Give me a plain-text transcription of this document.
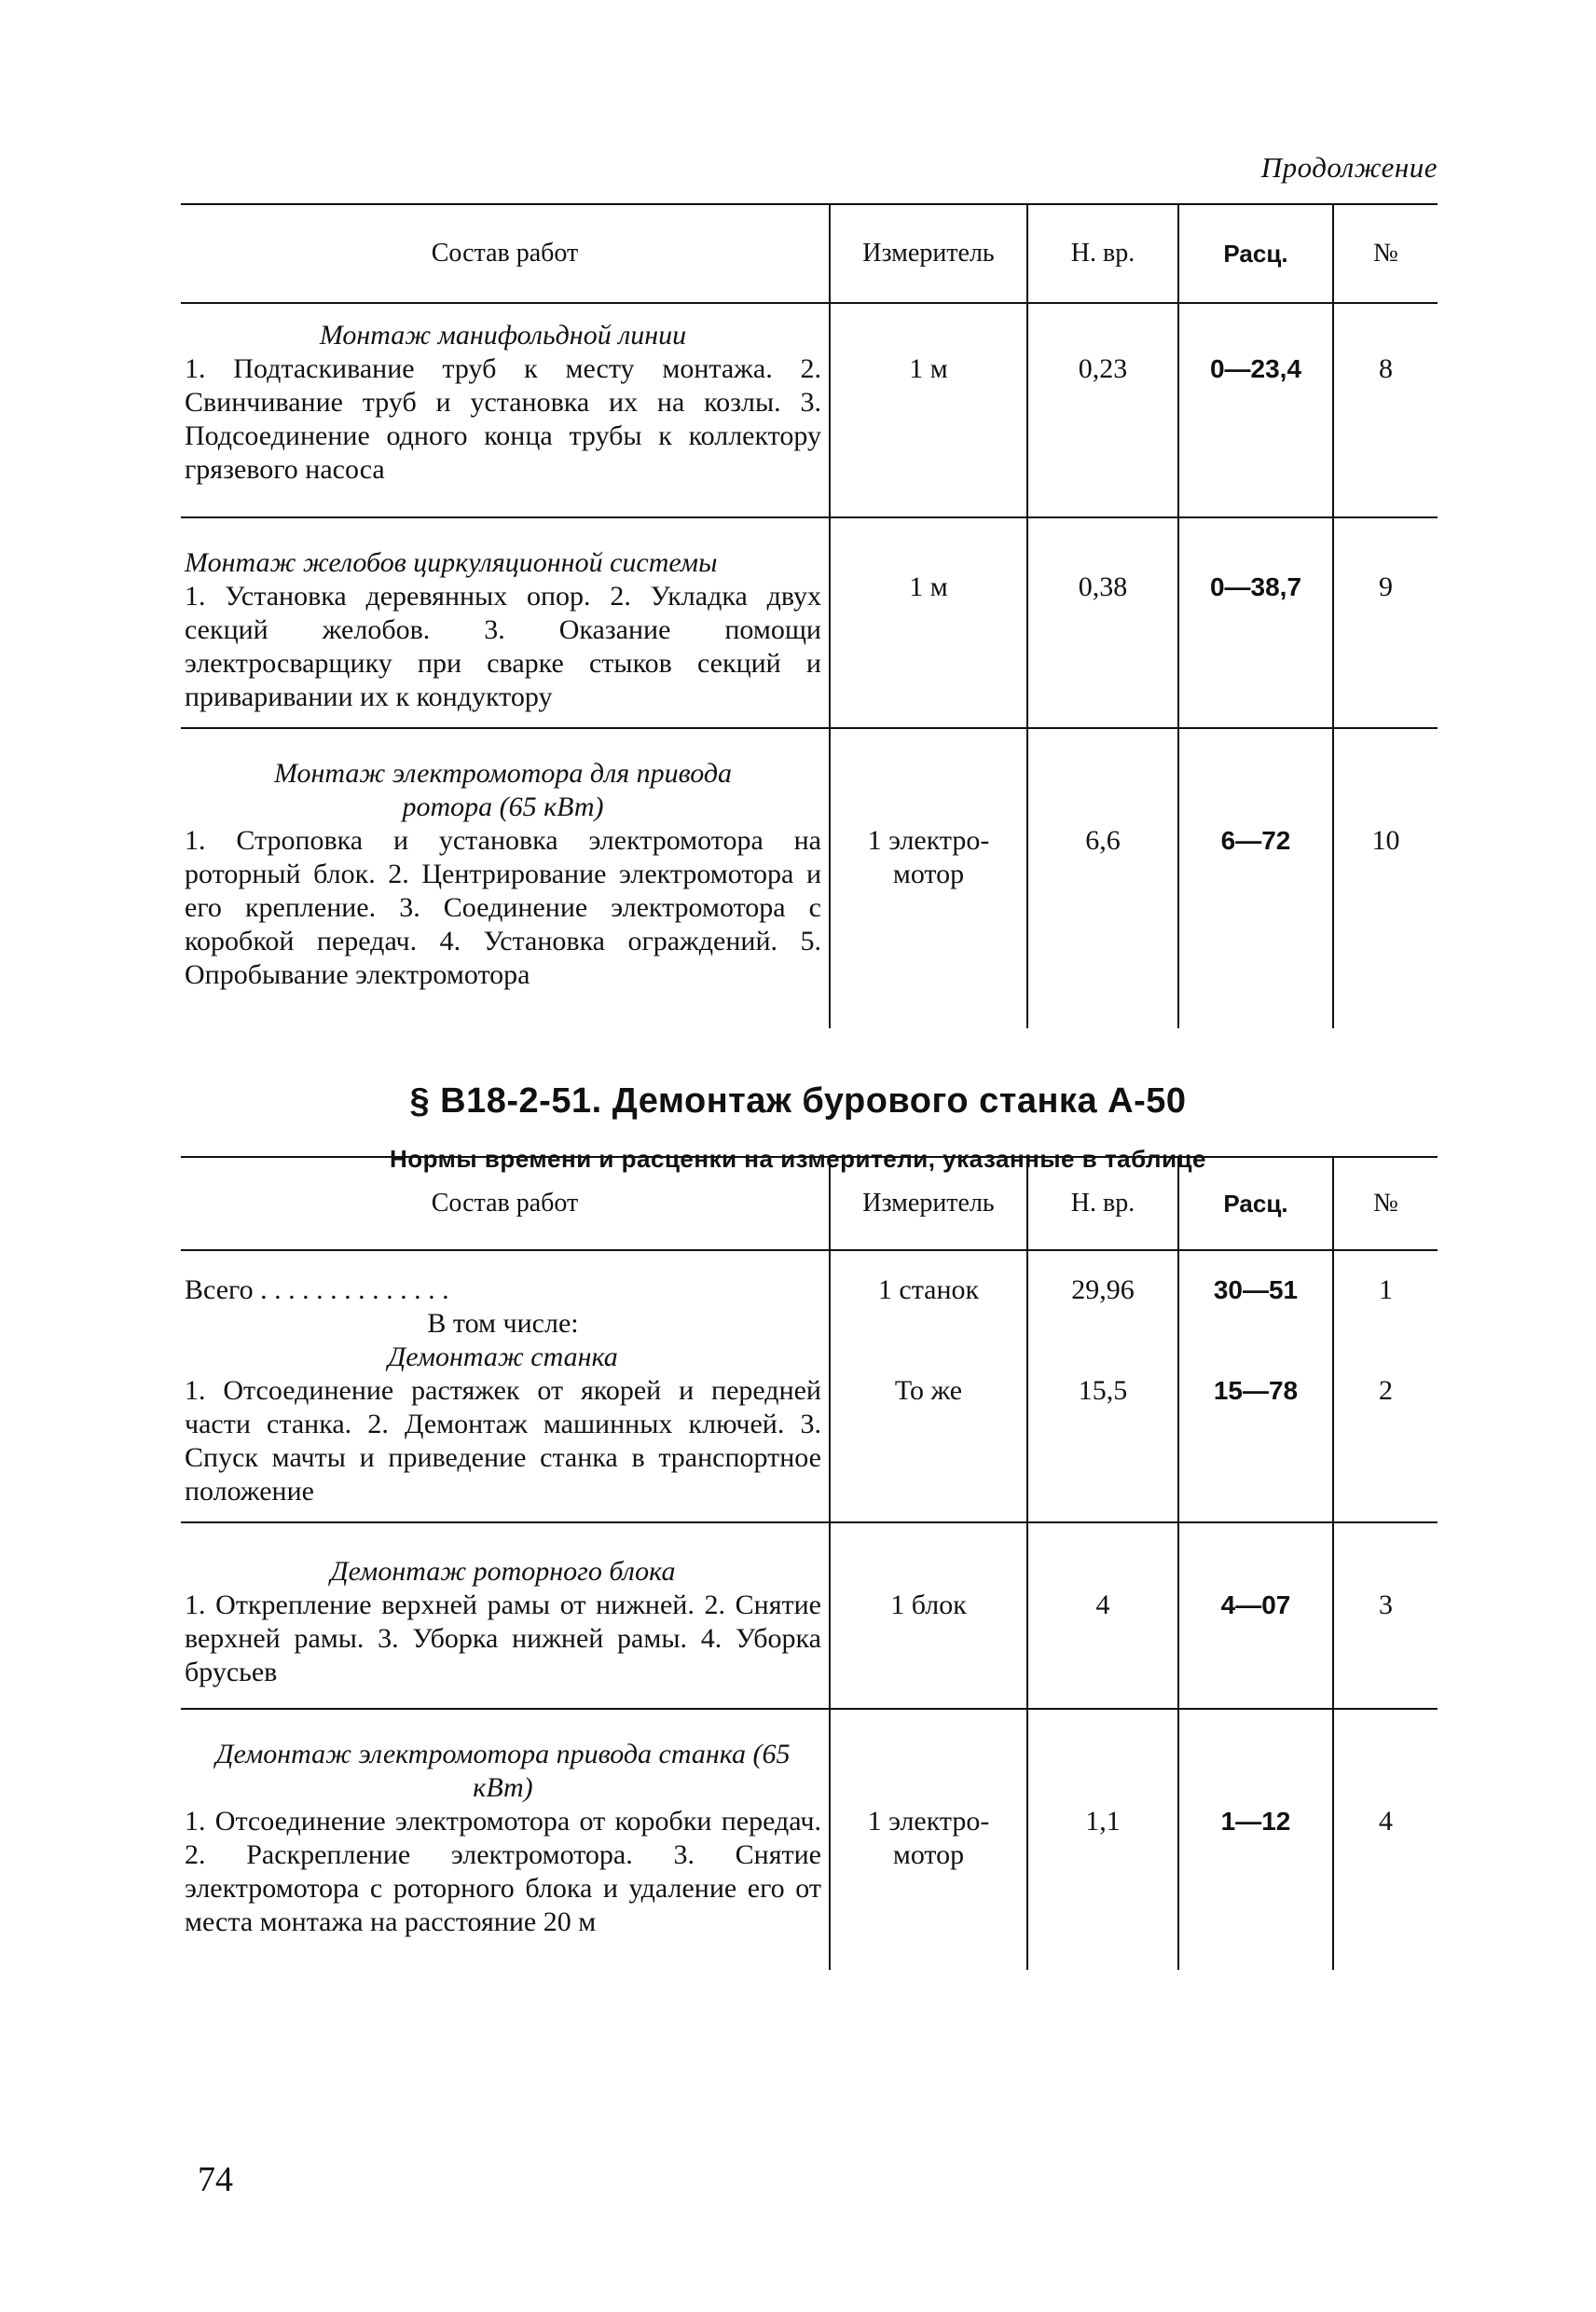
Продолжение
Состав работ	Измеритель	Н. вр.	Расц.	№

Монтаж манифольдной линии
1. Подтаскивание труб к месту монтажа. 2. Свинчивание труб и установка их на козлы. 3. Подсоединение одного конца трубы к коллектору грязевого насоса	1 м	0,23	0—23,4	8

Монтаж желобов циркуляционной системы
1. Установка деревянных опор. 2. Укладка двух секций желобов. 3. Оказание помощи электросварщику при сварке стыков секций и приваривании их к кондуктору	1 м	0,38	0—38,7	9

Монтаж электромотора для привода ротора (65 кВт)
1. Строповка и установка электромотора на роторный блок. 2. Центрирование электромотора и его крепление. 3. Соединение электромотора с коробкой передач. 4. Установка ограждений. 5. Опробывание электромотора	1 электро-
мотор	6,6	6—72	10
§ В18-2-51. Демонтаж бурового станка А-50
Нормы времени и расценки на измерители, указанные в таблице
Состав работ	Измеритель	Н. вр.	Расц.	№

Всего . . . . . . . . . . . . . .	1 станок	29,96	30—51	1

В том числе:				

Демонтаж станка
1. Отсоединение растяжек от якорей и передней части станка. 2. Демонтаж машинных ключей. 3. Спуск мачты и приведение станка в транспортное положение	То же	15,5	15—78	2

Демонтаж роторного блока
1. Открепление верхней рамы от нижней. 2. Снятие верхней рамы. 3. Уборка нижней рамы. 4. Уборка брусьев	1 блок	4	4—07	3

Демонтаж электромотора привода станка (65 кВт)
1. Отсоединение электромотора от коробки передач. 2. Раскрепление электромотора. 3. Снятие электромотора с роторного блока и удаление его от места монтажа на расстояние 20 м	1 электро-
мотор	1,1	1—12	4
74
